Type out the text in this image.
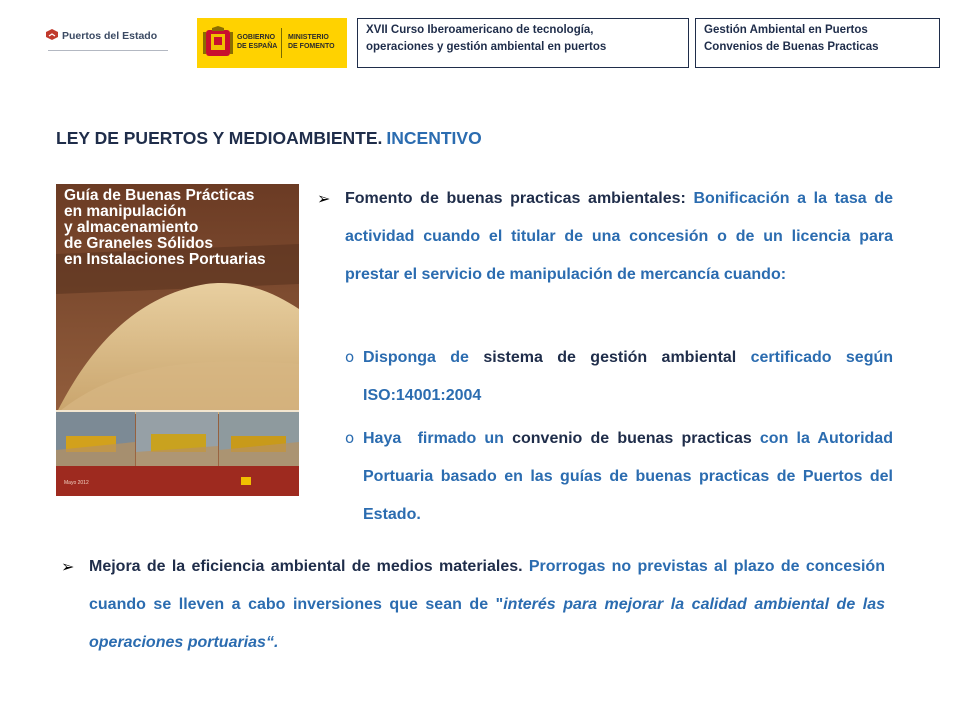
Puertos del Estado	GOBIERNO
DE ESPAÑA
MINISTERIO
DE FOMENTO
XVII Curso Iberoamericano de tecnología,
operaciones y gestión ambiental en puertos
Gestión Ambiental en Puertos
Convenios de Buenas Practicas
LEY DE PUERTOS Y MEDIOAMBIENTE. INCENTIVO
Guía de Buenas Prácticas
en manipulación
y almacenamiento
de Graneles Sólidos
en Instalaciones Portuarias
Mayo 2012
➢ Fomento de buenas practicas ambientales: Bonificación a la tasa de actividad cuando el titular de una concesión o de un licencia para prestar el servicio de manipulación de mercancía cuando:
o Disponga de sistema de gestión ambiental certificado según ISO:14001:2004
o Haya  firmado un convenio de buenas practicas con la Autoridad Portuaria basado en las guías de buenas practicas de Puertos del Estado.
➢ Mejora de la eficiencia ambiental de medios materiales. Prorrogas no previstas al plazo de concesión cuando se lleven a cabo inversiones que sean de "interés para mejorar la calidad ambiental de las operaciones portuarias“.
